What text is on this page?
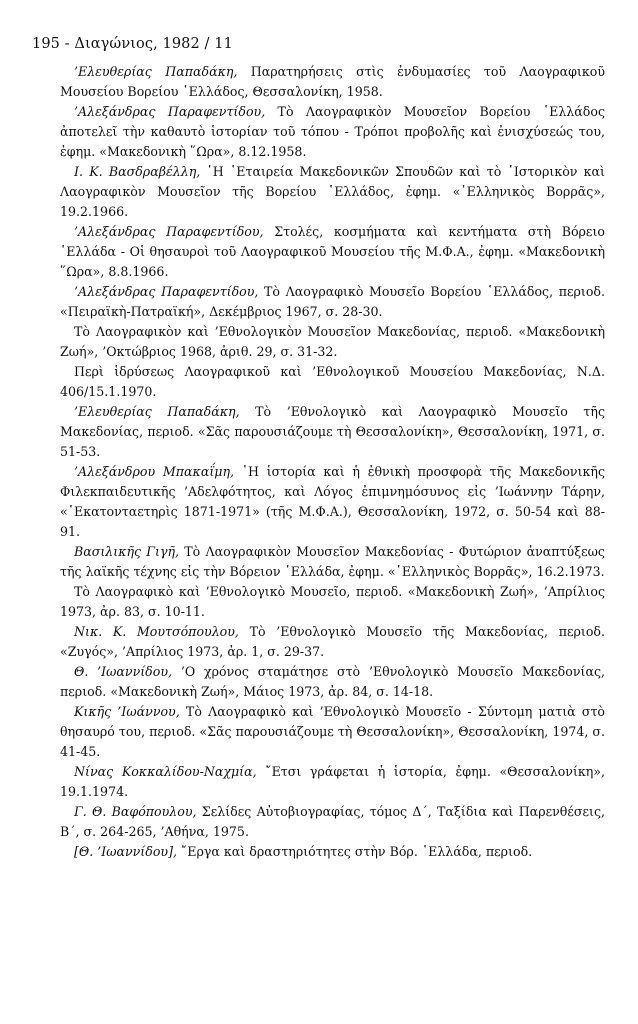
195 - Διαγώνιος, 1982 / 11

’Ελευθερίας Παπαδάκη, Παρατηρήσεις στὶς ἐνδυμασίες τοῦ Λαογραφικοῦ Μουσείου Βορείου ῾Ελλάδος, Θεσσαλονίκη, 1958.

’Αλεξάνδρας Παραφεντίδου, Τὸ Λαογραφικὸν Μουσεῖον Βορείου ῾Ελλάδος ἀποτελεῖ τὴν καθαυτὸ ἱστορίαν τοῦ τόπου - Τρόποι προβολῆς καὶ ἐνισχύσεώς του, ἐφημ. «Μακεδονικὴ ῞Ωρα», 8.12.1958.

Ι. Κ. Βασδραβέλλη, ῾Η ῾Εταιρεία Μακεδονικῶν Σπουδῶν καὶ τὸ ῾Ιστορικὸν καὶ Λαογραφικὸν Μουσεῖον τῆς Βορείου ῾Ελλάδος, ἐφημ. «῾Ελληνικὸς Βορρᾶς», 19.2.1966.

’Αλεξάνδρας Παραφεντίδου, Στολές, κοσμήματα καὶ κεντήματα στὴ Βόρειο ῾Ελλάδα - Οἱ θησαυροὶ τοῦ Λαογραφικοῦ Μουσείου τῆς Μ.Φ.Α., ἐφημ. «Μακεδονικὴ ῞Ωρα», 8.8.1966.

’Αλεξάνδρας Παραφεντίδου, Τὸ Λαογραφικὸ Μουσεῖο Βορείου ῾Ελλάδος, περιοδ. «Πειραϊκὴ-Πατραϊκή», Δεκέμβριος 1967, σ. 28-30.

Τὸ Λαογραφικὸν καὶ ’Εθνολογικὸν Μουσεῖον Μακεδονίας, περιοδ. «Μακεδονικὴ Ζωή», ’Οκτώβριος 1968, ἀριθ. 29, σ. 31-32.

Περὶ ἱδρύσεως Λαογραφικοῦ καὶ ’Εθνολογικοῦ Μουσείου Μακεδονίας, Ν.Δ. 406/15.1.1970.

’Ελευθερίας Παπαδάκη, Τὸ ’Εθνολογικὸ καὶ Λαογραφικὸ Μουσεῖο τῆς Μακεδονίας, περιοδ. «Σᾶς παρουσιάζουμε τὴ Θεσσαλονίκη», Θεσσαλονίκη, 1971, σ. 51-53.

’Αλεξάνδρου Μπακαΐμη, ῾Η ἱστορία καὶ ἡ ἐθνικὴ προσφορὰ τῆς Μακεδονικῆς Φιλεκπαιδευτικῆς ’Αδελφότητος, καὶ Λόγος ἐπιμνημόσυνος εἰς ’Ιωάννην Τάρην, «῾Εκατονταετηρὶς 1871-1971» (τῆς Μ.Φ.Α.), Θεσσαλονίκη, 1972, σ. 50-54 καὶ 88-91.

Βασιλικῆς Γιγῆ, Τὸ Λαογραφικὸν Μουσεῖον Μακεδονίας - Φυτώριον ἀναπτύξεως τῆς λαϊκῆς τέχνης εἰς τὴν Βόρειον ῾Ελλάδα, ἐφημ. «῾Ελληνικὸς Βορρᾶς», 16.2.1973.

Τὸ Λαογραφικὸ καὶ ’Εθνολογικὸ Μουσεῖο, περιοδ. «Μακεδονικὴ Ζωή», ’Απρίλιος 1973, ἀρ. 83, σ. 10-11.

Νικ. Κ. Μουτσόπουλου, Τὸ ’Εθνολογικὸ Μουσεῖο τῆς Μακεδονίας, περιοδ. «Ζυγός», ’Απρίλιος 1973, ἀρ. 1, σ. 29-37.

Θ. ’Ιωαννίδου, ’Ο χρόνος σταμάτησε στὸ ’Εθνολογικὸ Μουσεῖο Μακεδονίας, περιοδ. «Μακεδονικὴ Ζωή», Μάιος 1973, ἀρ. 84, σ. 14-18.

Κικῆς ’Ιωάννου, Τὸ Λαογραφικὸ καὶ ’Εθνολογικὸ Μουσεῖο - Σύντομη ματιὰ στὸ θησαυρό του, περιοδ. «Σᾶς παρουσιάζουμε τὴ Θεσσαλονίκη», Θεσσαλονίκη, 1974, σ. 41-45.

Νίνας Κοκκαλίδου-Ναχμία, ῎Ετσι γράφεται ἡ ἱστορία, ἐφημ. «Θεσσαλονίκη», 19.1.1974.

Γ. Θ. Βαφόπουλου, Σελίδες Αὐτοβιογραφίας, τόμος Δ΄, Ταξίδια καὶ Παρενθέσεις, Β΄, σ. 264-265, ’Αθήνα, 1975.

[Θ. ’Ιωαννίδου], ῎Εργα καὶ δραστηριότητες στὴν Βόρ. ῾Ελλάδα, περιοδ.
